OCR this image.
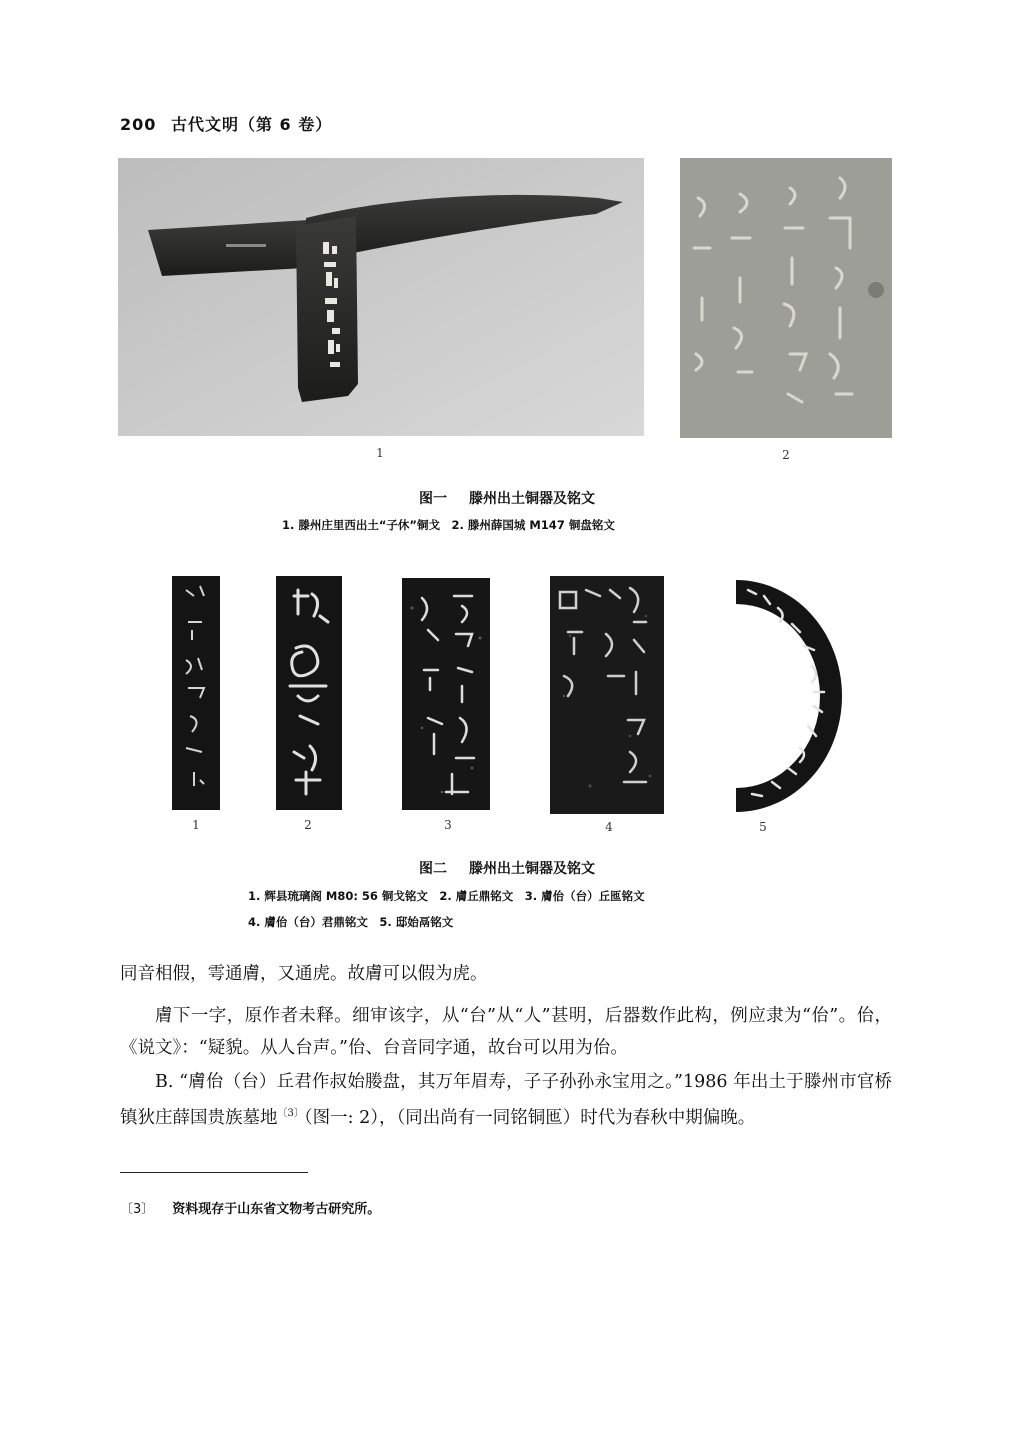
200 古代文明（第 6 卷）
1	2
图一 滕州出土铜器及铭文
1. 滕州庄里西出土“子休”铜戈　2. 滕州薛国城 M147 铜盘铭文
1	2	3	4	5
图二 滕州出土铜器及铭文
1. 辉县琉璃阁 M80: 56 铜戈铭文　2. 膚丘鼎铭文　3. 膚佁（台）丘匜铭文
4. 膚佁（台）君鼎铭文　5. 邸始鬲铭文
同音相假，雩通膚，又通虎。故膚可以假为虎。
膚下一字，原作者未释。细审该字，从“台”从“人”甚明，后器数作此构，例应隶为“佁”。佁，《说文》：“疑貌。从人台声。”佁、台音同字通，故台可以用为佁。
B. “膚佁（台）丘君作叔始媵盘，其万年眉寿，子子孙孙永宝用之。”1986 年出土于滕州市官桥镇狄庄薛国贵族墓地$^{〔3〕}$（图一: 2），（同出尚有一同铭铜匜）时代为春秋中期偏晚。
〔3〕 资料现存于山东省文物考古研究所。
